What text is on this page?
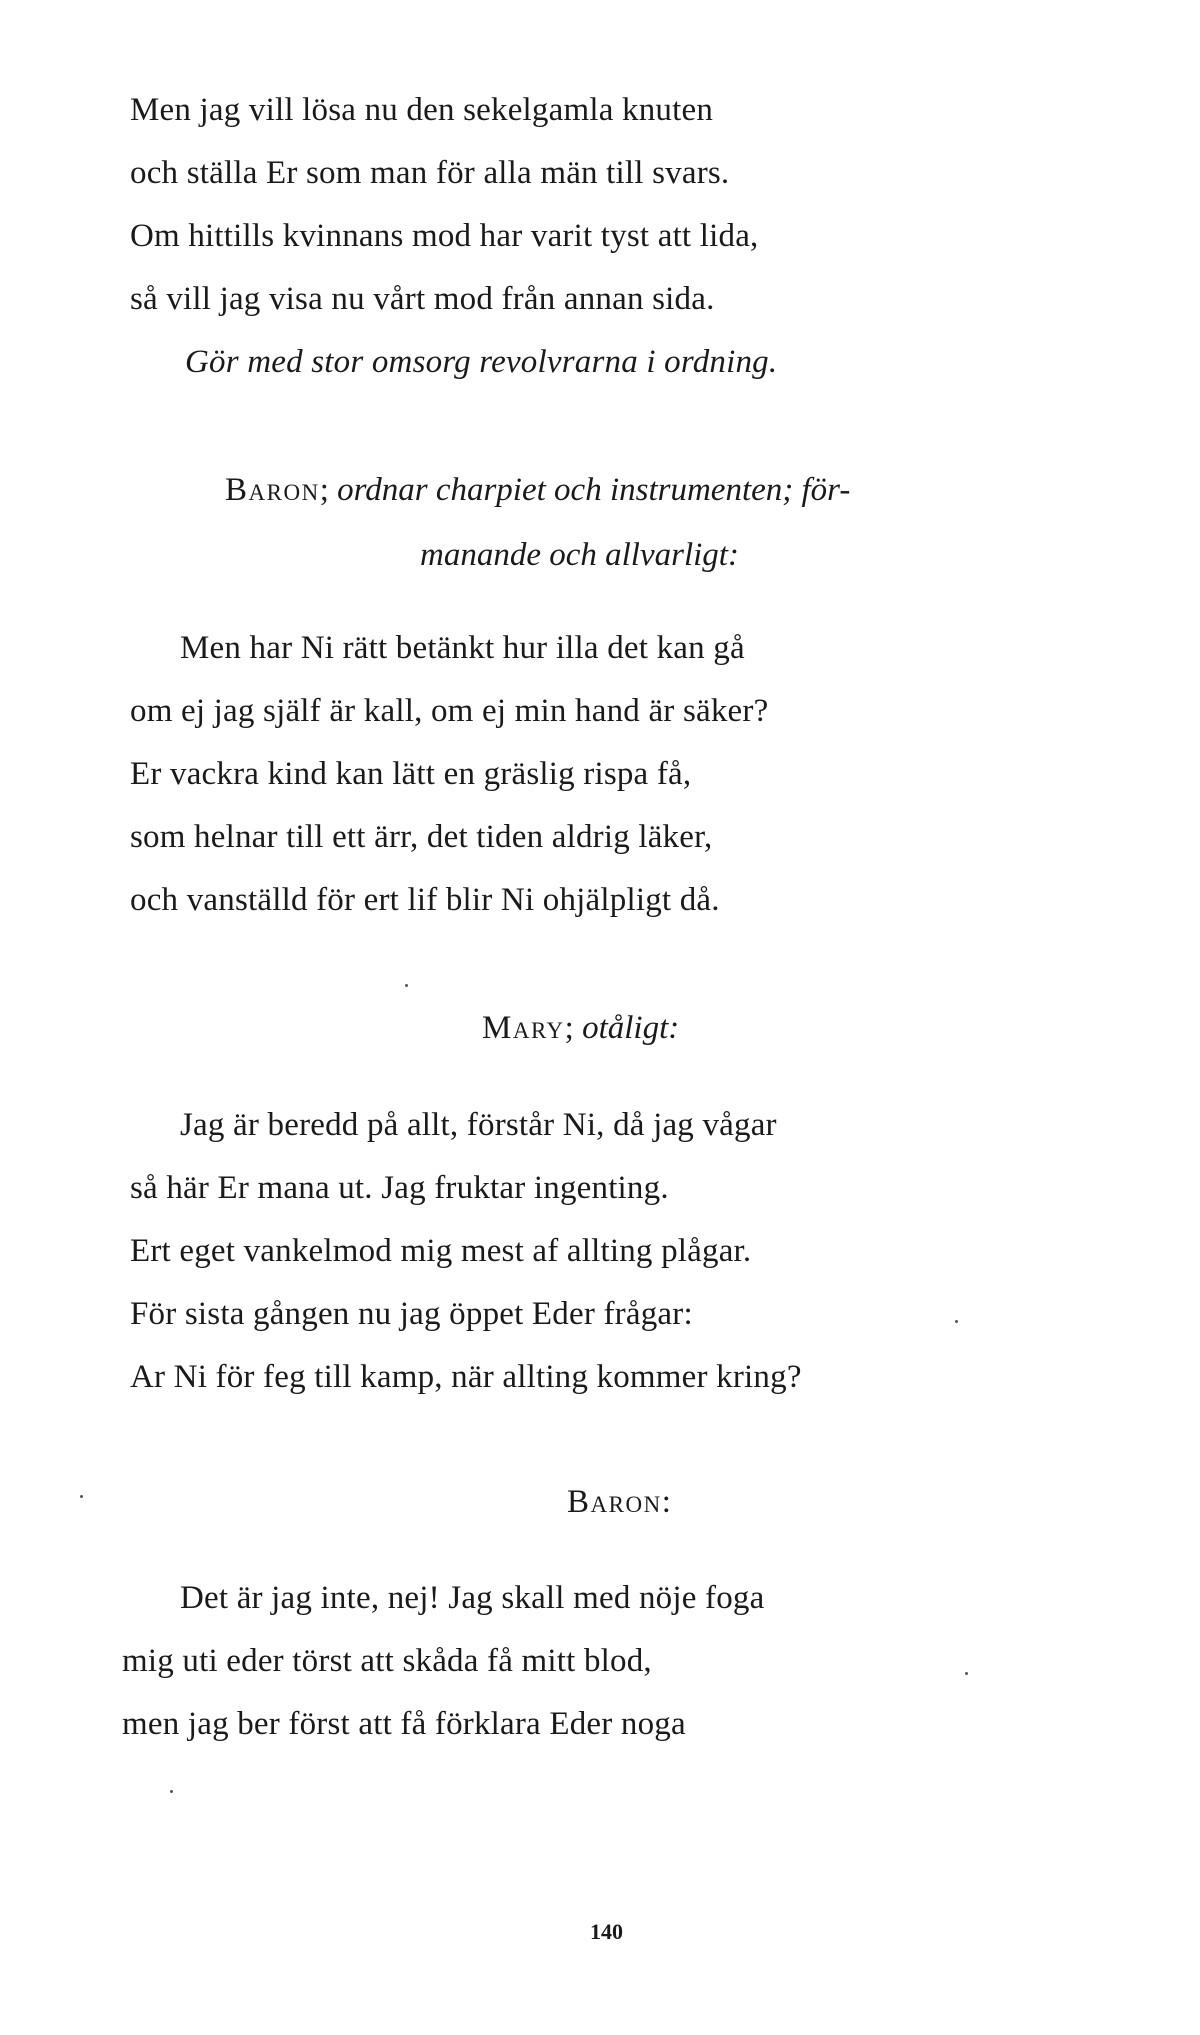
Men jag vill lösa nu den sekelgamla knuten
och ställa Er som man för alla män till svars.
Om hittills kvinnans mod har varit tyst att lida,
så vill jag visa nu vårt mod från annan sida.
Gör med stor omsorg revolvrarna i ordning.
Baron; ordnar charpiet och instrumenten; för-
manande och allvarligt:
Men har Ni rätt betänkt hur illa det kan gå
om ej jag själf är kall, om ej min hand är säker?
Er vackra kind kan lätt en gräslig rispa få,
som helnar till ett ärr, det tiden aldrig läker,
och vanställd för ert lif blir Ni ohjälpligt då.
Mary; otåligt:
Jag är beredd på allt, förstår Ni, då jag vågar
så här Er mana ut. Jag fruktar ingenting.
Ert eget vankelmod mig mest af allting plågar.
För sista gången nu jag öppet Eder frågar:
Ar Ni för feg till kamp, när allting kommer kring?
Baron:
Det är jag inte, nej! Jag skall med nöje foga
mig uti eder törst att skåda få mitt blod,
men jag ber först att få förklara Eder noga
140
